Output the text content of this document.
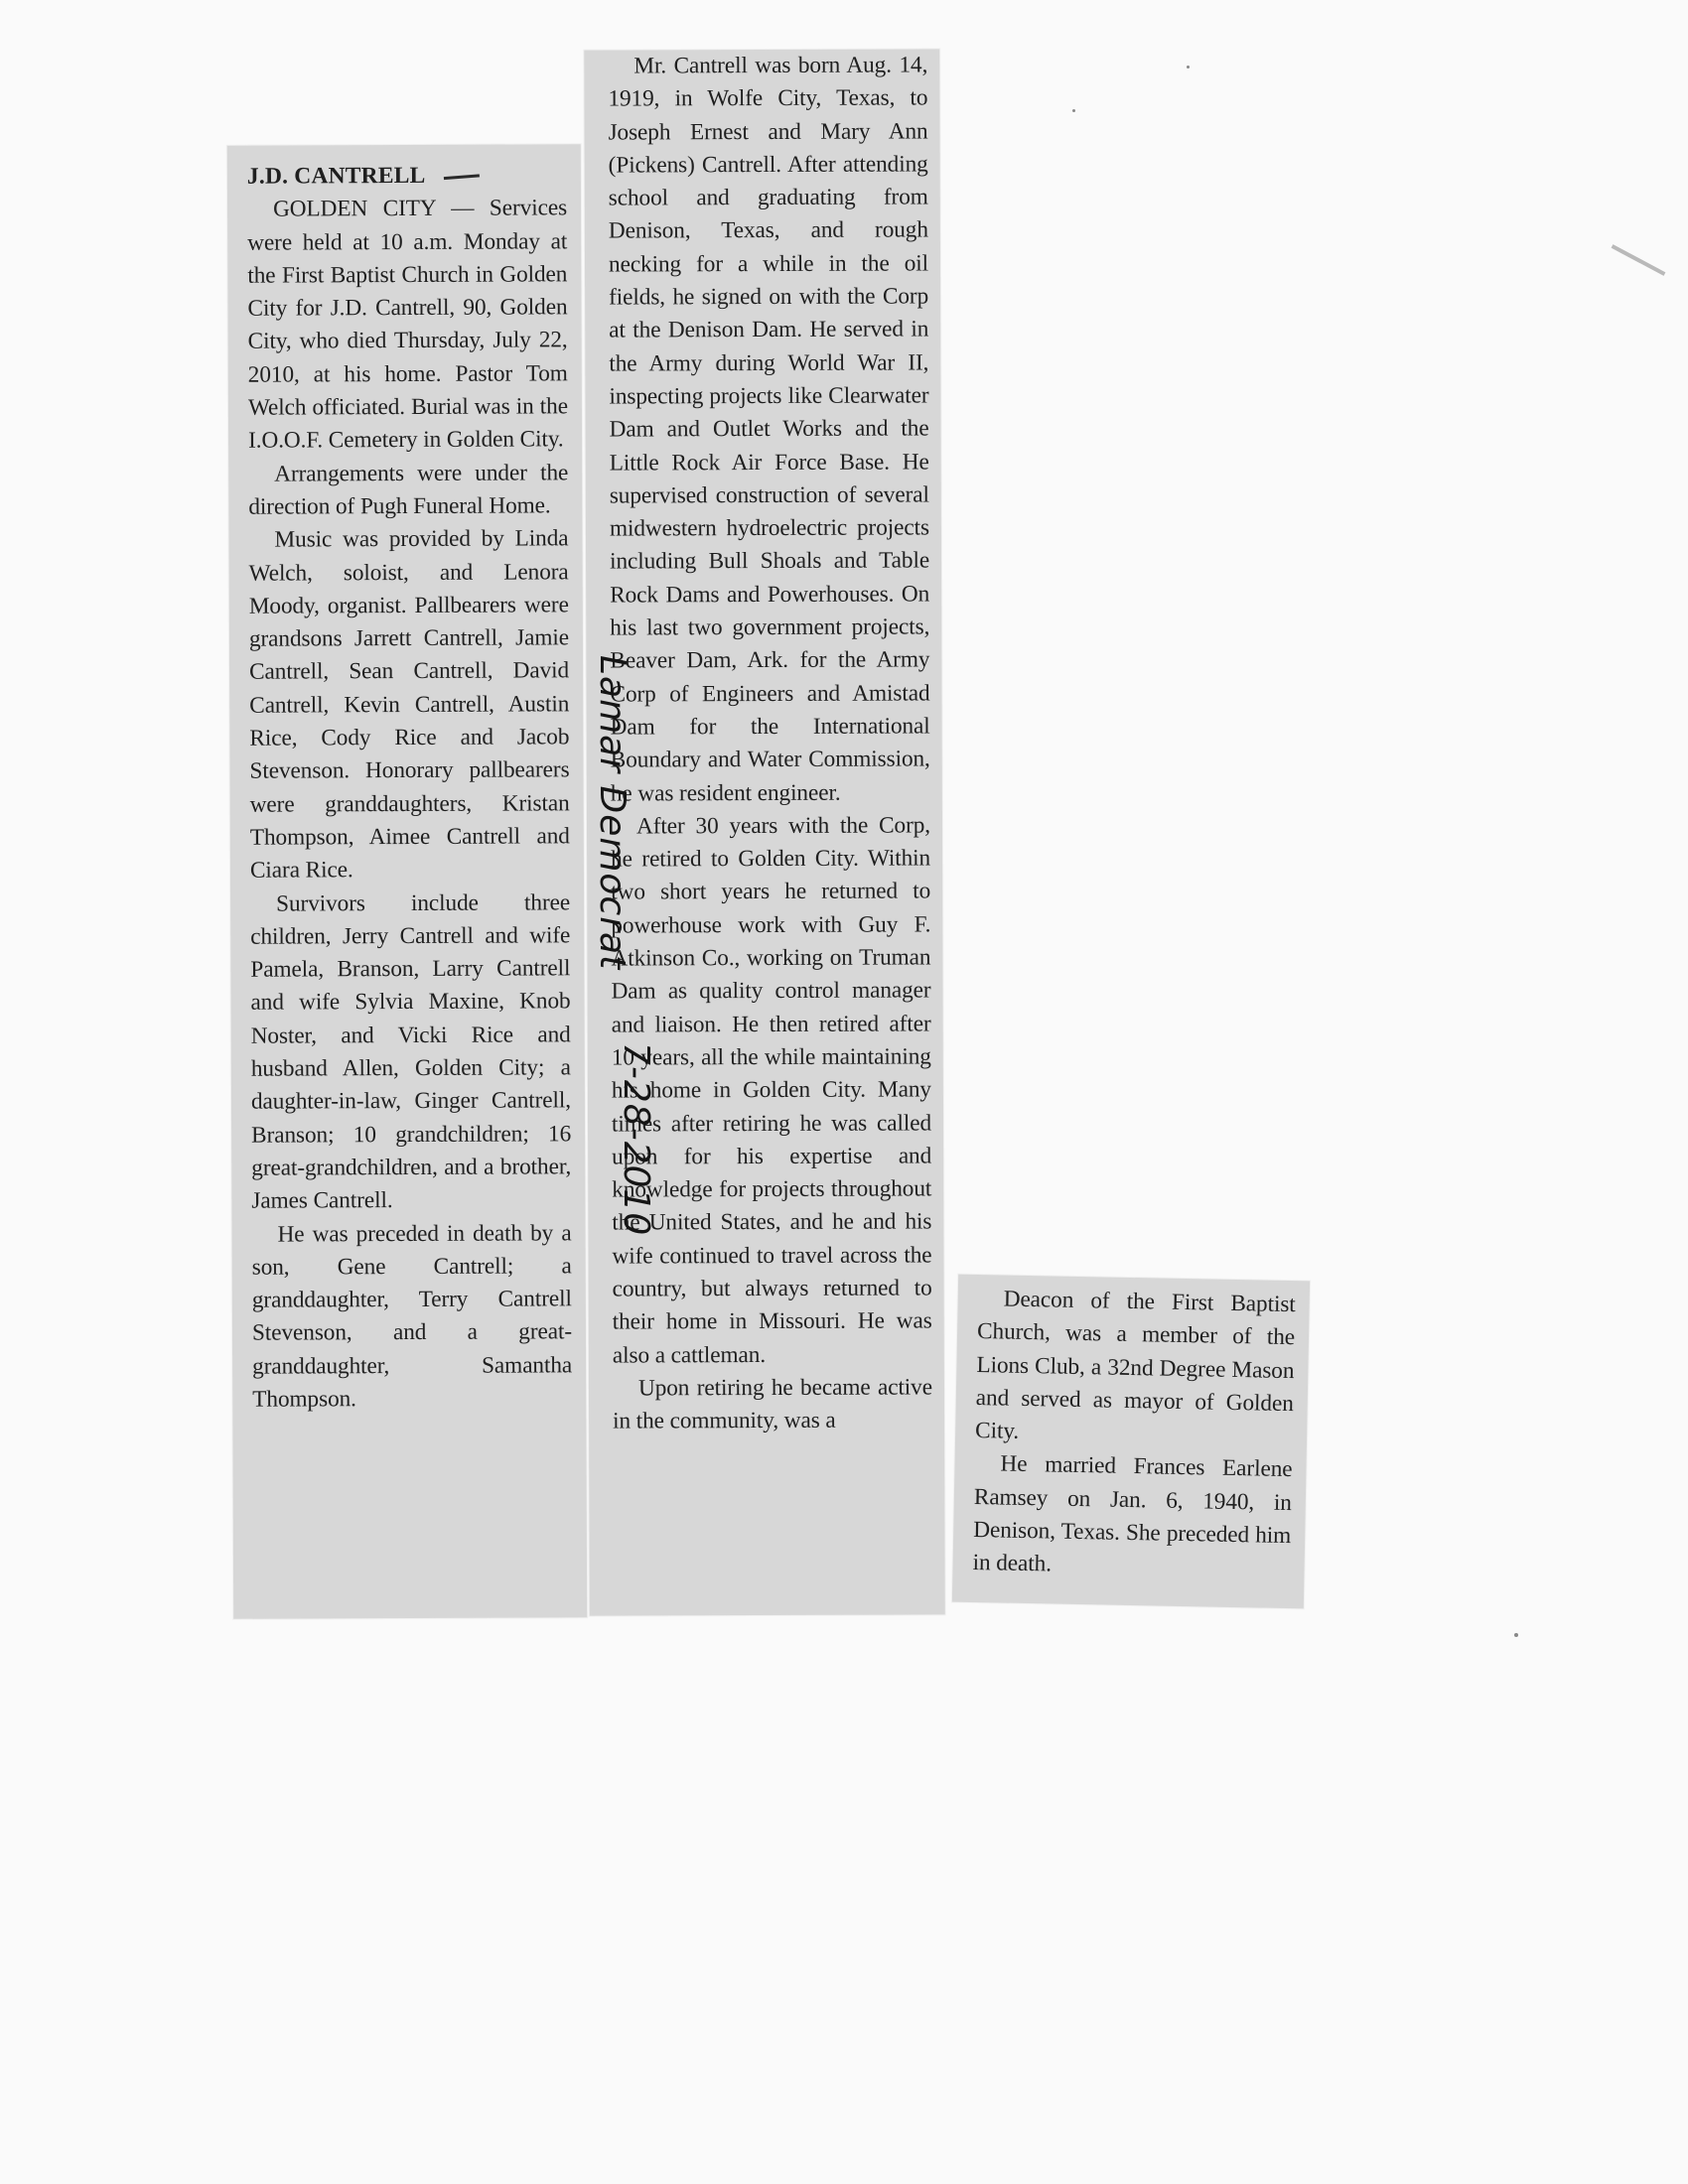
J.D. CANTRELL

GOLDEN CITY — Services were held at 10 a.m. Monday at the First Baptist Church in Golden City for J.D. Cantrell, 90, Golden City, who died Thursday, July 22, 2010, at his home. Pastor Tom Welch officiated. Burial was in the I.O.O.F. Cemetery in Golden City.

Arrangements were under the direction of Pugh Funeral Home.

Music was provided by Linda Welch, soloist, and Lenora Moody, organist. Pallbearers were grandsons Jarrett Cantrell, Jamie Cantrell, Sean Cantrell, David Cantrell, Kevin Cantrell, Austin Rice, Cody Rice and Jacob Stevenson. Honorary pallbearers were granddaughters, Kristan Thompson, Aimee Cantrell and Ciara Rice.

Survivors include three children, Jerry Cantrell and wife Pamela, Branson, Larry Cantrell and wife Sylvia Maxine, Knob Noster, and Vicki Rice and husband Allen, Golden City; a daughter-in-law, Ginger Cantrell, Branson; 10 grandchildren; 16 great-grandchildren, and a brother, James Cantrell.

He was preceded in death by a son, Gene Cantrell; a granddaughter, Terry Cantrell Stevenson, and a great-granddaughter, Samantha Thompson.

Mr. Cantrell was born Aug. 14, 1919, in Wolfe City, Texas, to Joseph Ernest and Mary Ann (Pickens) Cantrell. After attending school and graduating from Denison, Texas, and rough necking for a while in the oil fields, he signed on with the Corp at the Denison Dam. He served in the Army during World War II, inspecting projects like Clearwater Dam and Outlet Works and the Little Rock Air Force Base. He supervised construction of several midwestern hydroelectric projects including Bull Shoals and Table Rock Dams and Powerhouses. On his last two government projects, Beaver Dam, Ark. for the Army Corp of Engineers and Amistad Dam for the International Boundary and Water Commission, he was resident engineer.

After 30 years with the Corp, he retired to Golden City. Within two short years he returned to powerhouse work with Guy F. Atkinson Co., working on Truman Dam as quality control manager and liaison. He then retired after 10 years, all the while maintaining his home in Golden City. Many times after retiring he was called upon for his expertise and knowledge for projects throughout the United States, and he and his wife continued to travel across the country, but always returned to their home in Missouri. He was also a cattleman.

Upon retiring he became active in the community, was a

Deacon of the First Baptist Church, was a member of the Lions Club, a 32nd Degree Mason and served as mayor of Golden City.

He married Frances Earlene Ramsey on Jan. 6, 1940, in Denison, Texas. She preceded him in death.

Lamar Democrat
7-28-2010
